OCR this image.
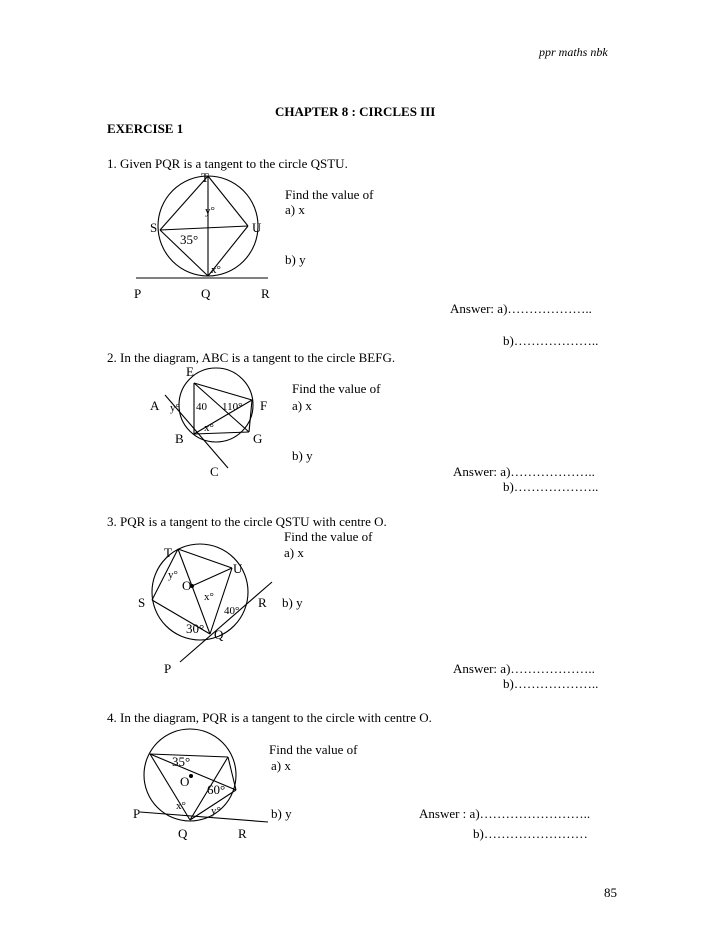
ppr maths nbk
CHAPTER 8 : CIRCLES III
EXERCISE 1
1. Given PQR is a tangent to the circle QSTU.
T
Find the value of
a) x
y°
S	U
35°
b) y
x°
P	Q	R
Answer: a)………………..
b)………………..
2. In the diagram, ABC is a tangent to the circle BEFG.
E
Find the value of
A y° 40 110° F a) x
x°
B	G
b) y
C	Answer: a)………………..
b)………………..
3. PQR is a tangent to the circle QSTU with centre O.
Find the value of
T	a) x
U
y°
O
x°
S	R b) y
40°
30° Q
P	Answer: a)………………..
b)………………..
4. In the diagram, PQR is a tangent to the circle with centre O.
Find the value of
35°	a) x
O
60°
x° y°
P	b) y	Answer : a)……………………..
Q	R	b)……………………
85
